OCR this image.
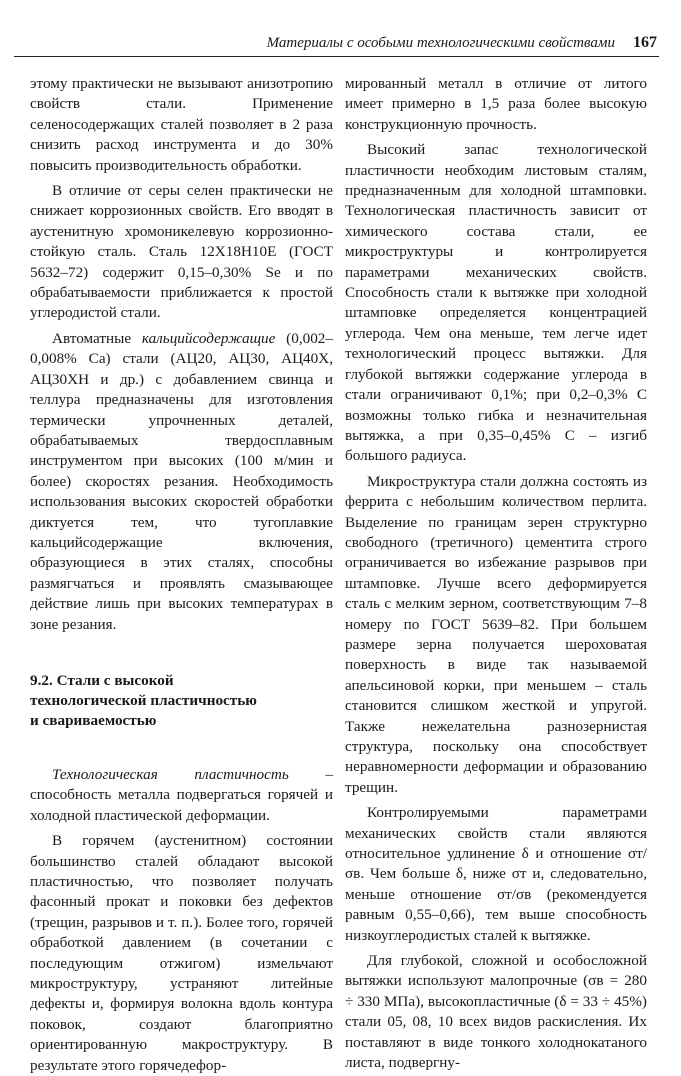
Материалы с особыми технологическими свойствами 167

этому практически не вызывают анизотропию свойств стали. Применение селеносодержащих сталей позволяет в 2 раза снизить расход инструмента и до 30% повысить производительность обработки.

В отличие от серы селен практически не снижает коррозионных свойств. Его вводят в аустенитную хромоникелевую коррозионно-стойкую сталь. Сталь 12Х18Н10Е (ГОСТ 5632–72) содержит 0,15–0,30% Se и по обрабатываемости приближается к простой углеродистой стали.

Автоматные кальцийсодержащие (0,002–0,008% Са) стали (АЦ20, АЦ30, АЦ40Х, АЦ30ХН и др.) с добавлением свинца и теллура предназначены для изготовления термически упрочненных деталей, обрабатываемых твердосплавным инструментом при высоких (100 м/мин и более) скоростях резания. Необходимость использования высоких скоростей обработки диктуется тем, что тугоплавкие кальцийсодержащие включения, образующиеся в этих сталях, способны размягчаться и проявлять смазывающее действие лишь при высоких температурах в зоне резания.

9.2. Стали с высокой
технологической пластичностью
и свариваемостью

Технологическая пластичность – способность металла подвергаться горячей и холодной пластической деформации.

В горячем (аустенитном) состоянии большинство сталей обладают высокой пластичностью, что позволяет получать фасонный прокат и поковки без дефектов (трещин, разрывов и т. п.). Более того, горячей обработкой давлением (в сочетании с последующим отжигом) измельчают микроструктуру, устраняют литейные дефекты и, формируя волокна вдоль контура поковок, создают благоприятно ориентированную макроструктуру. В результате этого горячедефор-

мированный металл в отличие от литого имеет примерно в 1,5 раза более высокую конструкционную прочность.

Высокий запас технологической пластичности необходим листовым сталям, предназначенным для холодной штамповки. Технологическая пластичность зависит от химического состава стали, ее микроструктуры и контролируется параметрами механических свойств. Способность стали к вытяжке при холодной штамповке определяется концентрацией углерода. Чем она меньше, тем легче идет технологический процесс вытяжки. Для глубокой вытяжки содержание углерода в стали ограничивают 0,1%; при 0,2–0,3% С возможны только гибка и незначительная вытяжка, а при 0,35–0,45% С – изгиб большого радиуса.

Микроструктура стали должна состоять из феррита с небольшим количеством перлита. Выделение по границам зерен структурно свободного (третичного) цементита строго ограничивается во избежание разрывов при штамповке. Лучше всего деформируется сталь с мелким зерном, соответствующим 7–8 номеру по ГОСТ 5639–82. При большем размере зерна получается шероховатая поверхность в виде так называемой апельсиновой корки, при меньшем – сталь становится слишком жесткой и упругой. Также нежелательна разнозернистая структура, поскольку она способствует неравномерности деформации и образованию трещин.

Контролируемыми параметрами механических свойств стали являются относительное удлинение δ и отношение σт/σв. Чем больше δ, ниже σт и, следовательно, меньше отношение σт/σв (рекомендуется равным 0,55–0,66), тем выше способность низкоуглеродистых сталей к вытяжке.

Для глубокой, сложной и особосложной вытяжки используют малопрочные (σв = 280 ÷ 330 МПа), высокопластичные (δ = 33 ÷ 45%) стали 05, 08, 10 всех видов раскисления. Их поставляют в виде тонкого холоднокатаного листа, подвергну-
